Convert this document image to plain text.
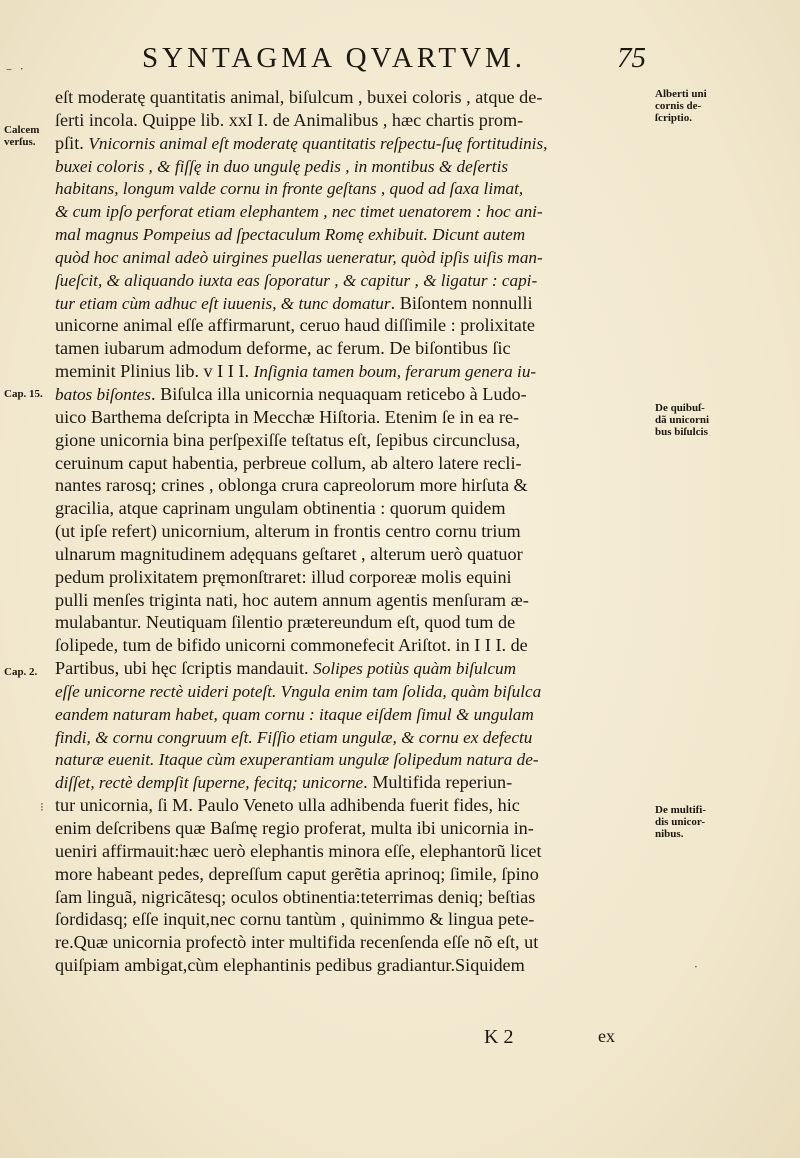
– ·	SYNTAGMA QVARTVM.	75
eſt moderatę quantitatis animal, biſulcum , buxei coloris , atque de-
ſerti incola. Quippe lib. xxI I. de Animalibus , hæc chartis prom-
pſit. Vnicornis animal eſt moderatę quantitatis reſpectu-ſuę fortitudinis,
buxei coloris , & fiſſę in duo ungulę pedis , in montibus & deſertis
habitans, longum valde cornu in fronte geſtans , quod ad ſaxa limat,
& cum ipſo perforat etiam elephantem , nec timet uenatorem : hoc ani-
mal magnus Pompeius ad ſpectaculum Romę exhibuit. Dicunt autem
quòd hoc animal adeò uirgines puellas ueneratur, quòd ipſis uiſis man-
ſueſcit, & aliquando iuxta eas ſoporatur , & capitur , & ligatur : capi-
tur etiam cùm adhuc eſt iuuenis, & tunc domatur. Biſontem nonnulli
unicorne animal eſſe affirmarunt, ceruo haud diſſimile : prolixitate
tamen iubarum admodum deforme, ac ferum. De biſontibus ſic
meminit Plinius lib. v I I I. Inſignia tamen boum, ferarum genera iu-
batos biſontes. Biſulca illa unicornia nequaquam reticebo à Ludo-
uico Barthema deſcripta in Mecchæ Hiſtoria. Etenim ſe in ea re-
gione unicornia bina perſpexiſſe teſtatus eſt, ſepibus circunclusa,
ceruinum caput habentia, perbreue collum, ab altero latere recli-
nantes rarosq; crines , oblonga crura capreolorum more hirſuta &
gracilia, atque caprinam ungulam obtinentia : quorum quidem
(ut ipſe refert) unicornium, alterum in frontis centro cornu trium
ulnarum magnitudinem adęquans geſtaret , alterum uerò quatuor
pedum prolixitatem pręmonſtraret: illud corporeæ molis equini
pulli menſes triginta nati, hoc autem annum agentis menſuram æ-
mulabantur. Neutiquam ſilentio prætereundum eſt, quod tum de
ſolipede, tum de bifido unicorni commonefecit Ariſtot. in I I I. de
Partibus, ubi hęc ſcriptis mandauit. Solipes potiùs quàm biſulcum
eſſe unicorne rectè uideri poteſt. Vngula enim tam ſolida, quàm biſulca
eandem naturam habet, quam cornu : itaque eiſdem ſimul & ungulam
findi, & cornu congruum eſt. Fiſſio etiam ungulæ, & cornu ex defectu
naturæ euenit. Itaque cùm exuperantiam ungulæ ſolipedum natura de-
diſſet, rectè dempſit ſuperne, fecitq; unicorne. Multifida reperiun-
tur unicornia, ſi M. Paulo Veneto ulla adhibenda fuerit fides, hic
enim deſcribens quæ Baſmę regio proferat, multa ibi unicornia in-
ueniri affirmauit:hæc uerò elephantis minora eſſe, elephantorũ licet
more habeant pedes, depreſſum caput gerẽtia aprinoq; ſimile, ſpino
ſam linguã, nigricãtesq; oculos obtinentia:teterrimas deniq; beſtias
ſordidasq; eſſe inquit,nec cornu tantùm , quinimmo & lingua pete-
re.Quæ unicornia profectò inter multifida recenſenda eſſe nõ eſt, ut
quiſpiam ambigat,cùm elephantinis pedibus gradiantur.Siquidem
Calcem
verſus.
Cap. 15.
Cap. 2.
Alberti uni
cornis de-
ſcriptio.
De quibuſ-
dã unicorni
bus biſulcis
De multifi-
dis unicor-
nibus.
⁝
·
K 2	ex
